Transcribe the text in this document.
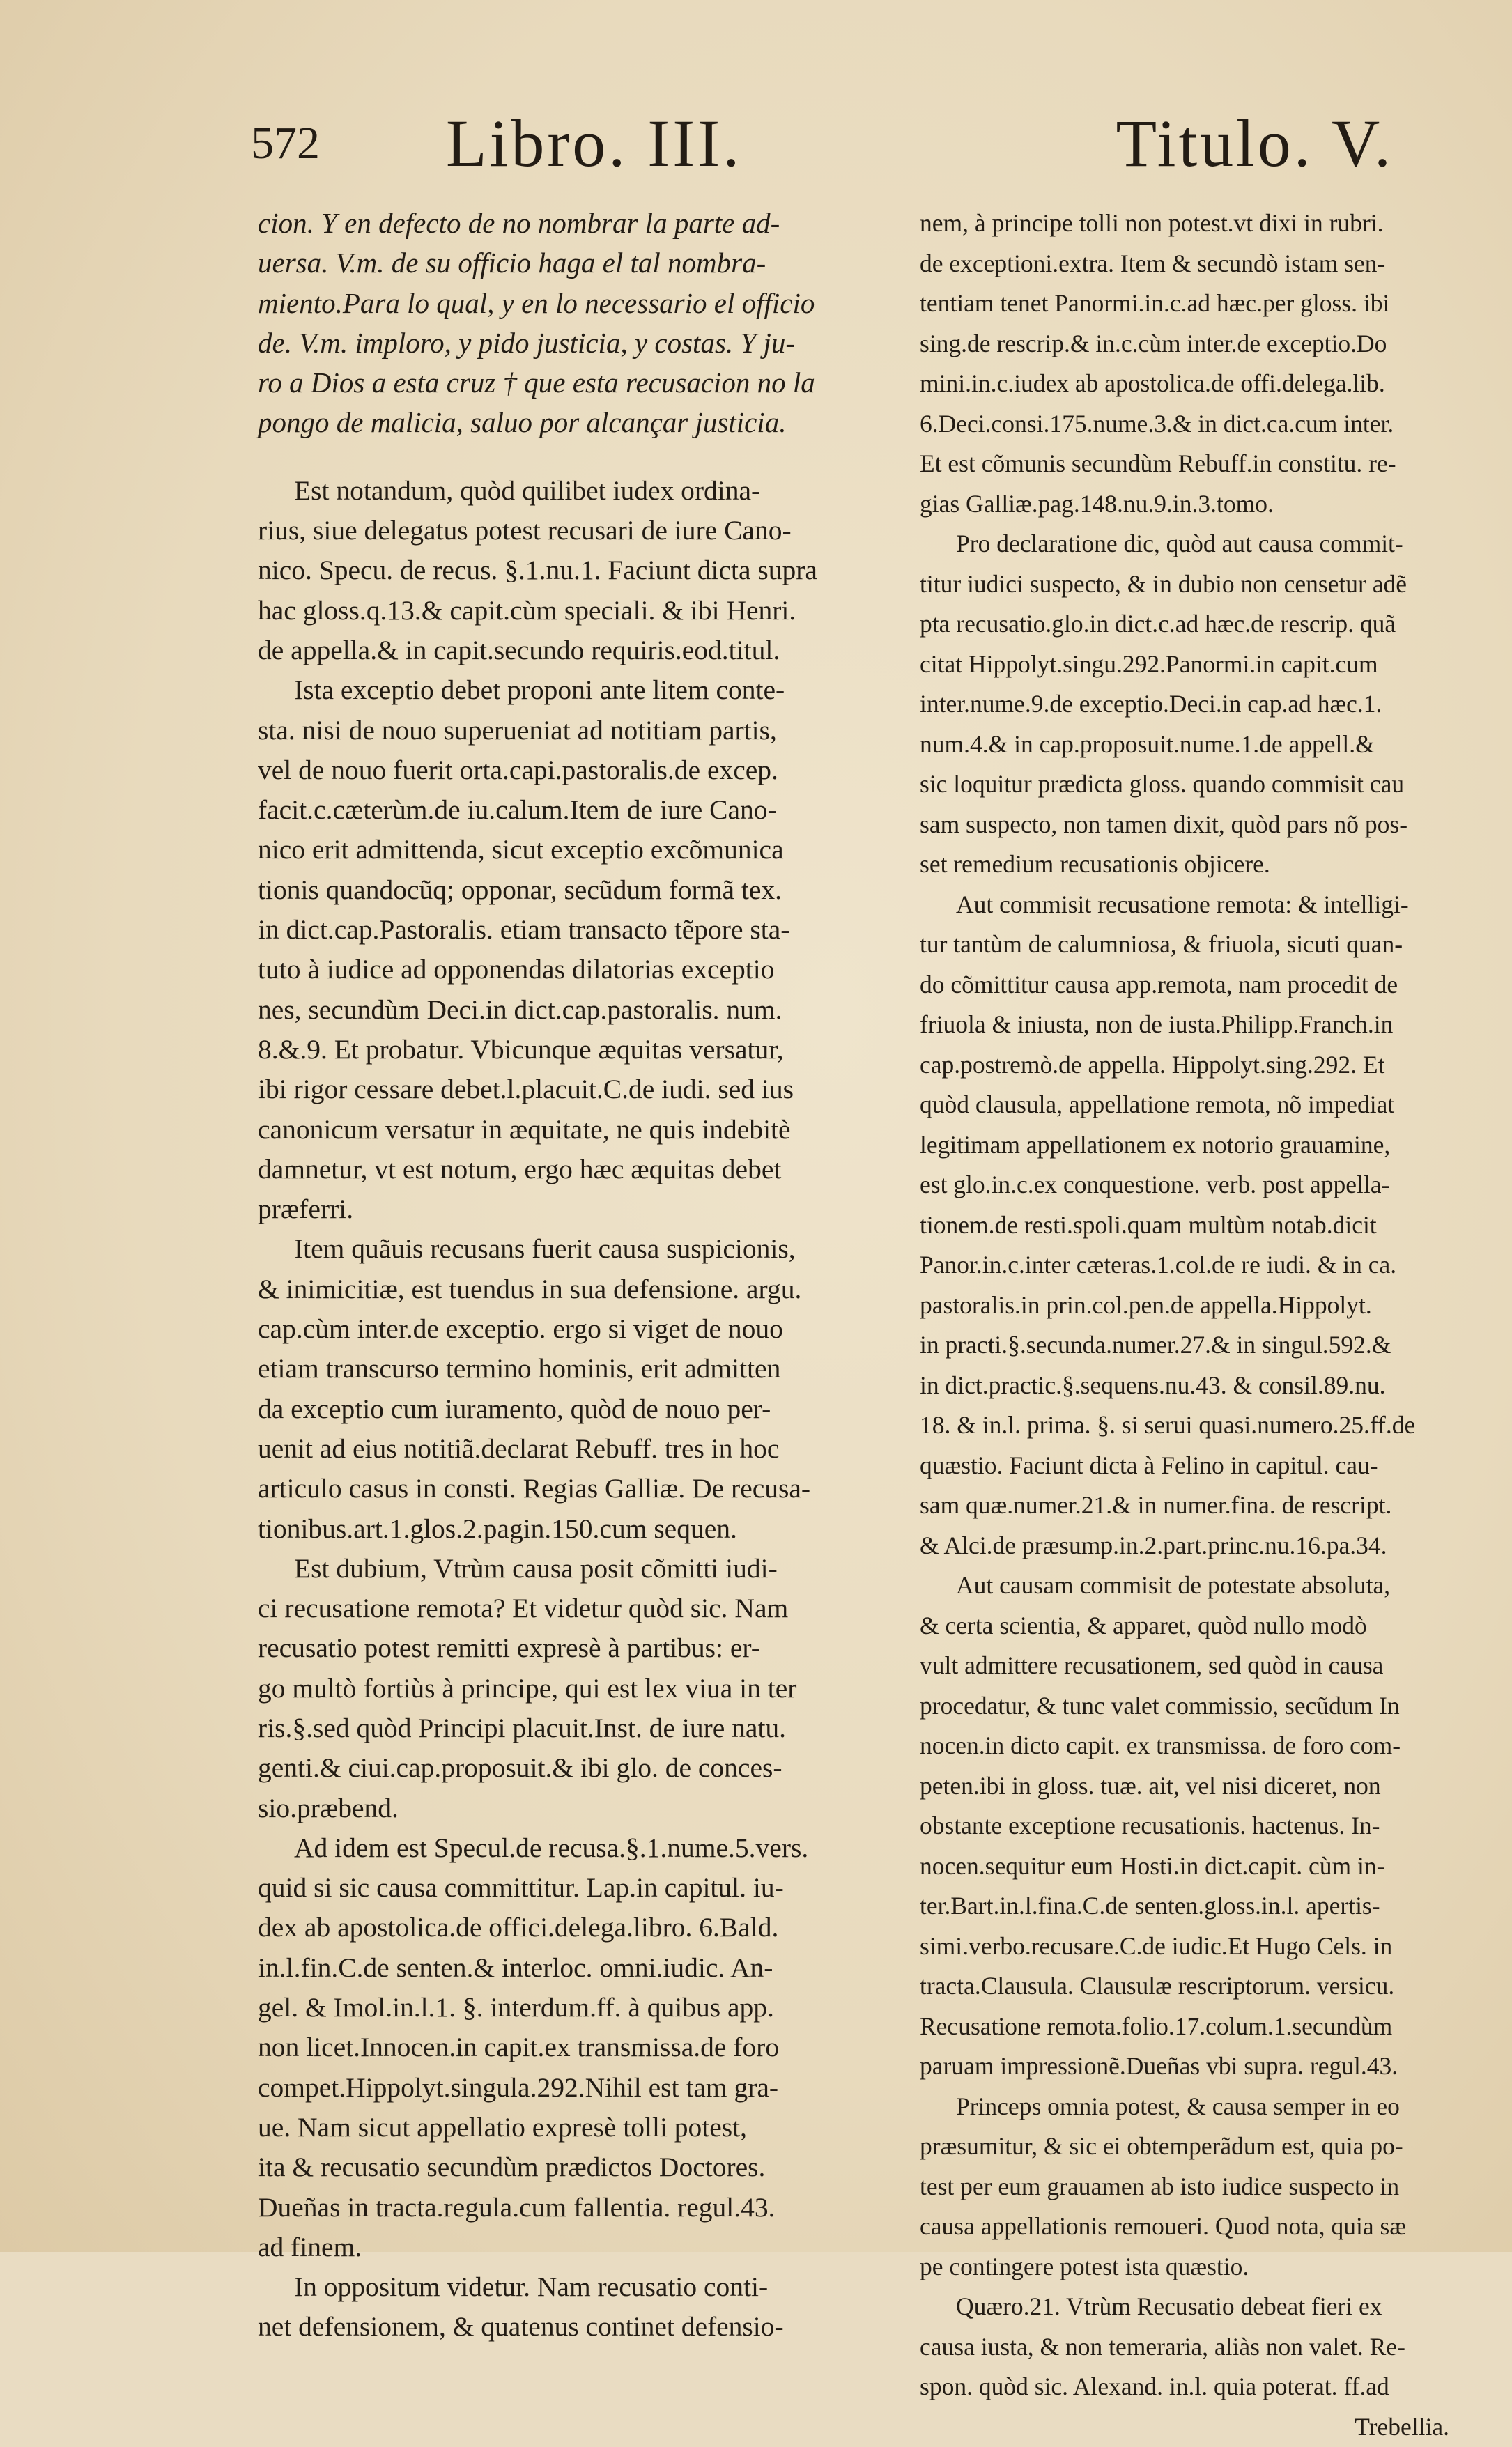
572 Libro. III.	Titulo. V.
cion. Y en defecto de no nombrar la parte ad-
uersa. V.m. de su officio haga el tal nombra-
miento.Para lo qual, y en lo necessario el officio
de. V.m. imploro, y pido justicia, y costas. Y ju-
ro a Dios a esta cruz † que esta recusacion no la
pongo de malicia, saluo por alcançar justicia.
Est notandum, quòd quilibet iudex ordina-
rius, siue delegatus potest recusari de iure Cano-
nico. Specu. de recus. §.1.nu.1. Faciunt dicta supra
hac gloss.q.13.& capit.cùm speciali. & ibi Henri.
de appella.& in capit.secundo requiris.eod.titul.
Ista exceptio debet proponi ante litem conte-
sta. nisi de nouo superueniat ad notitiam partis,
vel de nouo fuerit orta.capi.pastoralis.de excep.
facit.c.cæterùm.de iu.calum.Item de iure Cano-
nico erit admittenda, sicut exceptio excõmunica
tionis quandocũq; opponar, secũdum formã tex.
in dict.cap.Pastoralis. etiam transacto tẽpore sta-
tuto à iudice ad opponendas dilatorias exceptio
nes, secundùm Deci.in dict.cap.pastoralis. num.
8.&.9. Et probatur. Vbicunque æquitas versatur,
ibi rigor cessare debet.l.placuit.C.de iudi. sed ius
canonicum versatur in æquitate, ne quis indebitè
damnetur, vt est notum, ergo hæc æquitas debet
præferri.
Item quãuis recusans fuerit causa suspicionis,
& inimicitiæ, est tuendus in sua defensione. argu.
cap.cùm inter.de exceptio. ergo si viget de nouo
etiam transcurso termino hominis, erit admitten
da exceptio cum iuramento, quòd de nouo per-
uenit ad eius notitiã.declarat Rebuff. tres in hoc
articulo casus in consti. Regias Galliæ. De recusa-
tionibus.art.1.glos.2.pagin.150.cum sequen.
Est dubium, Vtrùm causa posit cõmitti iudi-
ci recusatione remota? Et videtur quòd sic. Nam
recusatio potest remitti expresè à partibus: er-
go multò fortiùs à principe, qui est lex viua in ter
ris.§.sed quòd Principi placuit.Inst. de iure natu.
genti.& ciui.cap.proposuit.& ibi glo. de conces-
sio.præbend.
Ad idem est Specul.de recusa.§.1.nume.5.vers.
quid si sic causa committitur. Lap.in capitul. iu-
dex ab apostolica.de offici.delega.libro. 6.Bald.
in.l.fin.C.de senten.& interloc. omni.iudic. An-
gel. & Imol.in.l.1. §. interdum.ff. à quibus app.
non licet.Innocen.in capit.ex transmissa.de foro
compet.Hippolyt.singula.292.Nihil est tam gra-
ue. Nam sicut appellatio expresè tolli potest,
ita & recusatio secundùm prædictos Doctores.
Dueñas in tracta.regula.cum fallentia. regul.43.
ad finem.
In oppositum videtur. Nam recusatio conti-
net defensionem, & quatenus continet defensio-
nem, à principe tolli non potest.vt dixi in rubri.
de exceptioni.extra. Item & secundò istam sen-
tentiam tenet Panormi.in.c.ad hæc.per gloss. ibi
sing.de rescrip.& in.c.cùm inter.de exceptio.Do
mini.in.c.iudex ab apostolica.de offi.delega.lib.
6.Deci.consi.175.nume.3.& in dict.ca.cum inter.
Et est cõmunis secundùm Rebuff.in constitu. re-
gias Galliæ.pag.148.nu.9.in.3.tomo.
Pro declaratione dic, quòd aut causa commit-
titur iudici suspecto, & in dubio non censetur adẽ
pta recusatio.glo.in dict.c.ad hæc.de rescrip. quã
citat Hippolyt.singu.292.Panormi.in capit.cum
inter.nume.9.de exceptio.Deci.in cap.ad hæc.1.
num.4.& in cap.proposuit.nume.1.de appell.&
sic loquitur prædicta gloss. quando commisit cau
sam suspecto, non tamen dixit, quòd pars nõ pos-
set remedium recusationis objicere.
Aut commisit recusatione remota: & intelligi-
tur tantùm de calumniosa, & friuola, sicuti quan-
do cõmittitur causa app.remota, nam procedit de
friuola & iniusta, non de iusta.Philipp.Franch.in
cap.postremò.de appella. Hippolyt.sing.292. Et
quòd clausula, appellatione remota, nõ impediat
legitimam appellationem ex notorio grauamine,
est glo.in.c.ex conquestione. verb. post appella-
tionem.de resti.spoli.quam multùm notab.dicit
Panor.in.c.inter cæteras.1.col.de re iudi. & in ca.
pastoralis.in prin.col.pen.de appella.Hippolyt.
in practi.§.secunda.numer.27.& in singul.592.&
in dict.practic.§.sequens.nu.43. & consil.89.nu.
18. & in.l. prima. §. si serui quasi.numero.25.ff.de
quæstio. Faciunt dicta à Felino in capitul. cau-
sam quæ.numer.21.& in numer.fina. de rescript.
& Alci.de præsump.in.2.part.princ.nu.16.pa.34.
Aut causam commisit de potestate absoluta,
& certa scientia, & apparet, quòd nullo modò
vult admittere recusationem, sed quòd in causa
procedatur, & tunc valet commissio, secũdum In
nocen.in dicto capit. ex transmissa. de foro com-
peten.ibi in gloss. tuæ. ait, vel nisi diceret, non
obstante exceptione recusationis. hactenus. In-
nocen.sequitur eum Hosti.in dict.capit. cùm in-
ter.Bart.in.l.fina.C.de senten.gloss.in.l. apertis-
simi.verbo.recusare.C.de iudic.Et Hugo Cels. in
tracta.Clausula. Clausulæ rescriptorum. versicu.
Recusatione remota.folio.17.colum.1.secundùm
paruam impressionẽ.Dueñas vbi supra. regul.43.
Princeps omnia potest, & causa semper in eo
præsumitur, & sic ei obtemperãdum est, quia po-
test per eum grauamen ab isto iudice suspecto in
causa appellationis remoueri. Quod nota, quia sæ
pe contingere potest ista quæstio.
Quæro.21. Vtrùm Recusatio debeat fieri ex
causa iusta, & non temeraria, aliàs non valet. Re-
spon. quòd sic. Alexand. in.l. quia poterat. ff.ad
Trebellia.
